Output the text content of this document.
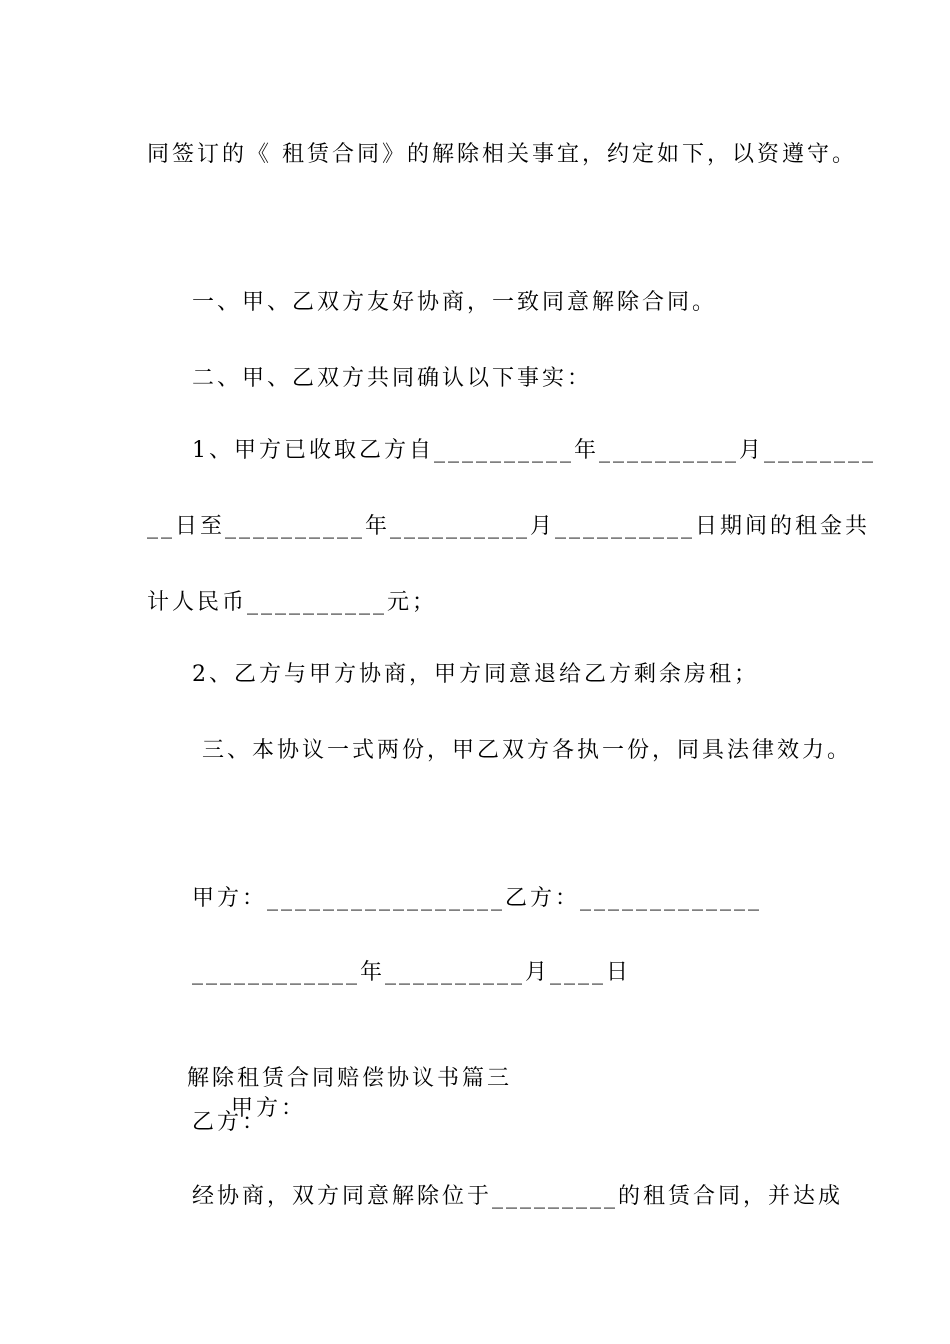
同签订的《 租赁合同》的解除相关事宜，约定如下，以资遵守。
一、甲、乙双方友好协商，一致同意解除合同。
二、甲、乙双方共同确认以下事实：
1、甲方已收取乙方自__________年__________月________
__日至__________年__________月__________日期间的租金共
计人民币__________元；
2、乙方与甲方协商，甲方同意退给乙方剩余房租；
三、本协议一式两份，甲乙双方各执一份，同具法律效力。
甲方：_________________乙方：_____________
____________年__________月____日

解除租赁合同赔偿协议书篇三
甲方：

乙方：
经协商，双方同意解除位于_________的租赁合同，并达成
